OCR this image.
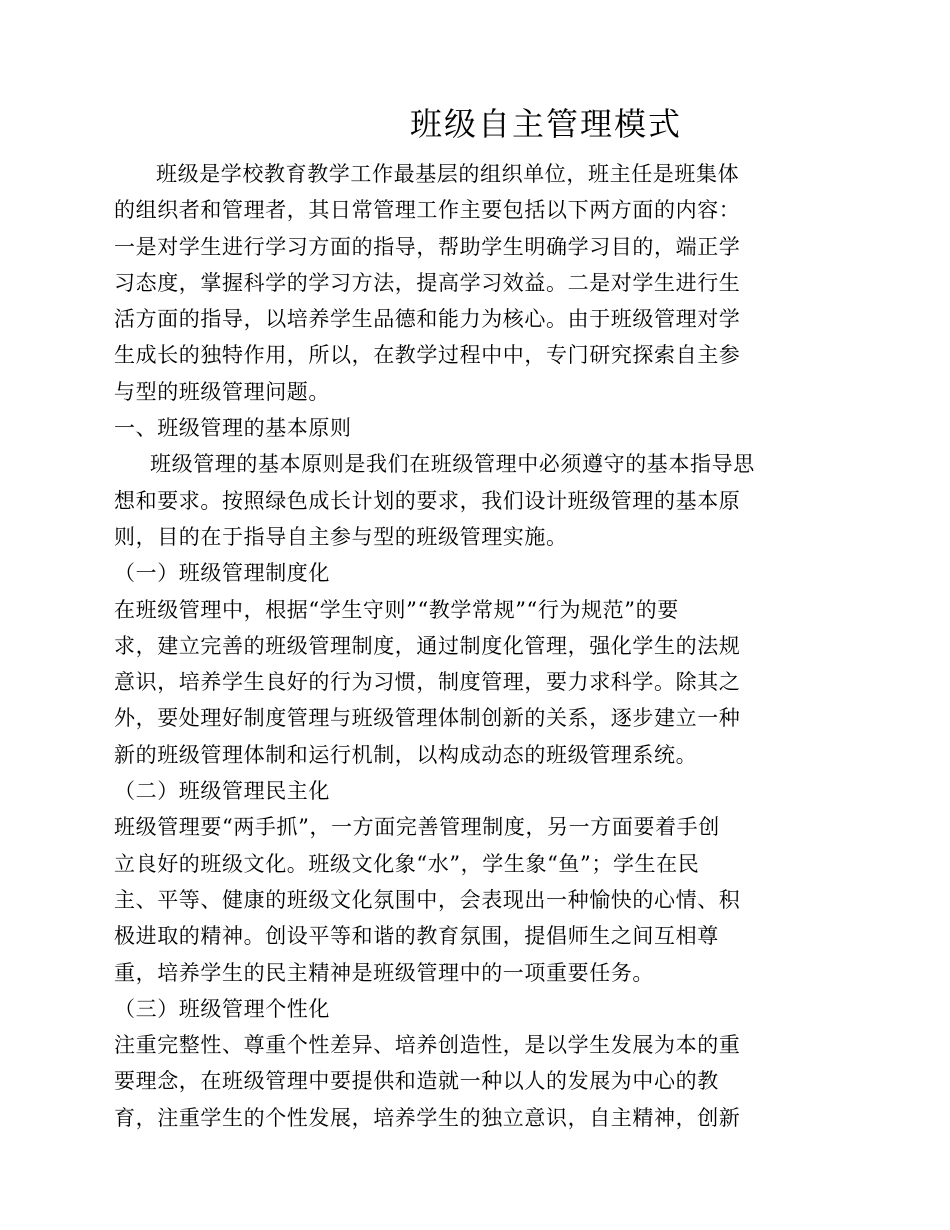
班级自主管理模式
班级是学校教育教学工作最基层的组织单位，班主任是班集体
的组织者和管理者，其日常管理工作主要包括以下两方面的内容：
一是对学生进行学习方面的指导，帮助学生明确学习目的，端正学
习态度，掌握科学的学习方法，提高学习效益。二是对学生进行生
活方面的指导，以培养学生品德和能力为核心。由于班级管理对学
生成长的独特作用，所以，在教学过程中中，专门研究探索自主参
与型的班级管理问题。
一、班级管理的基本原则
班级管理的基本原则是我们在班级管理中必须遵守的基本指导思
想和要求。按照绿色成长计划的要求，我们设计班级管理的基本原
则，目的在于指导自主参与型的班级管理实施。
（一）班级管理制度化
在班级管理中，根据“学生守则”“教学常规”“行为规范”的要
求，建立完善的班级管理制度，通过制度化管理，强化学生的法规
意识，培养学生良好的行为习惯，制度管理，要力求科学。除其之
外，要处理好制度管理与班级管理体制创新的关系，逐步建立一种
新的班级管理体制和运行机制，以构成动态的班级管理系统。
（二）班级管理民主化
班级管理要“两手抓”，一方面完善管理制度，另一方面要着手创
立良好的班级文化。班级文化象“水”，学生象“鱼”；学生在民
主、平等、健康的班级文化氛围中，会表现出一种愉快的心情、积
极进取的精神。创设平等和谐的教育氛围，提倡师生之间互相尊
重，培养学生的民主精神是班级管理中的一项重要任务。
（三）班级管理个性化
注重完整性、尊重个性差异、培养创造性，是以学生发展为本的重
要理念，在班级管理中要提供和造就一种以人的发展为中心的教
育，注重学生的个性发展，培养学生的独立意识，自主精神，创新
